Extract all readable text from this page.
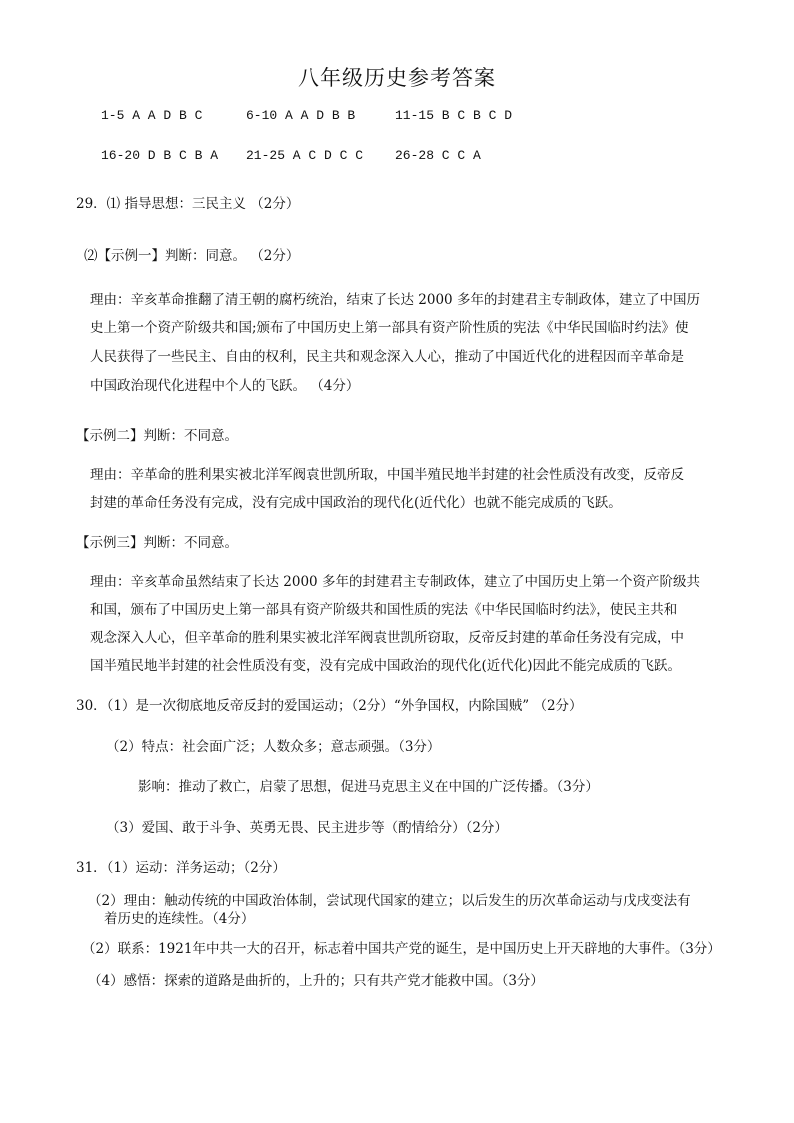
八年级历史参考答案
1-5 A A D B C	6-10 A A D B B	11-15 B C B C D
16-20 D B C B A 21-25 A C D C C 26-28 C C A
29．⑴ 指导思想：三民主义 （2分）
⑵【示例一】判断：同意。 （2分）
理由：辛亥革命推翻了清王朝的腐朽统治，结束了长达 2000 多年的封建君主专制政体，建立了中国历
史上第一个资产阶级共和国;颁布了中国历史上第一部具有资产阶性质的宪法《中华民国临时约法》使
人民获得了一些民主、自由的权利，民主共和观念深入人心，推动了中国近代化的进程因而辛革命是
中国政治现代化进程中个人的飞跃。 （4分）
【示例二】判断：不同意。
理由：辛革命的胜利果实被北洋军阀袁世凯所取，中国半殖民地半封建的社会性质没有改变，反帝反
封建的革命任务没有完成，没有完成中国政治的现代化(近代化）也就不能完成质的飞跃。
【示例三】判断：不同意。
理由：辛亥革命虽然结束了长达 2000 多年的封建君主专制政体，建立了中国历史上第一个资产阶级共
和国，颁布了中国历史上第一部具有资产阶级共和国性质的宪法《中华民国临时约法》，使民主共和
观念深入人心，但辛革命的胜利果实被北洋军阀袁世凯所窃取，反帝反封建的革命任务没有完成，中
国半殖民地半封建的社会性质没有变，没有完成中国政治的现代化(近代化)因此不能完成质的飞跃。
30．（1）是一次彻底地反帝反封的爱国运动；（2分）“外争国权，内除国贼” （2分）
（2）特点：社会面广泛；人数众多；意志顽强。（3分）
影响：推动了救亡，启蒙了思想，促进马克思主义在中国的广泛传播。（3分）
（3）爱国、敢于斗争、英勇无畏、民主进步等（酌情给分）（2分）
31．（1）运动：洋务运动；（2分）
（2）理由：触动传统的中国政治体制，尝试现代国家的建立；以后发生的历次革命运动与戊戌变法有
着历史的连续性。（4分）
（2）联系：1921年中共一大的召开，标志着中国共产党的诞生，是中国历史上开天辟地的大事件。（3分）
（4）感悟：探索的道路是曲折的，上升的；只有共产党才能救中国。（3分）
